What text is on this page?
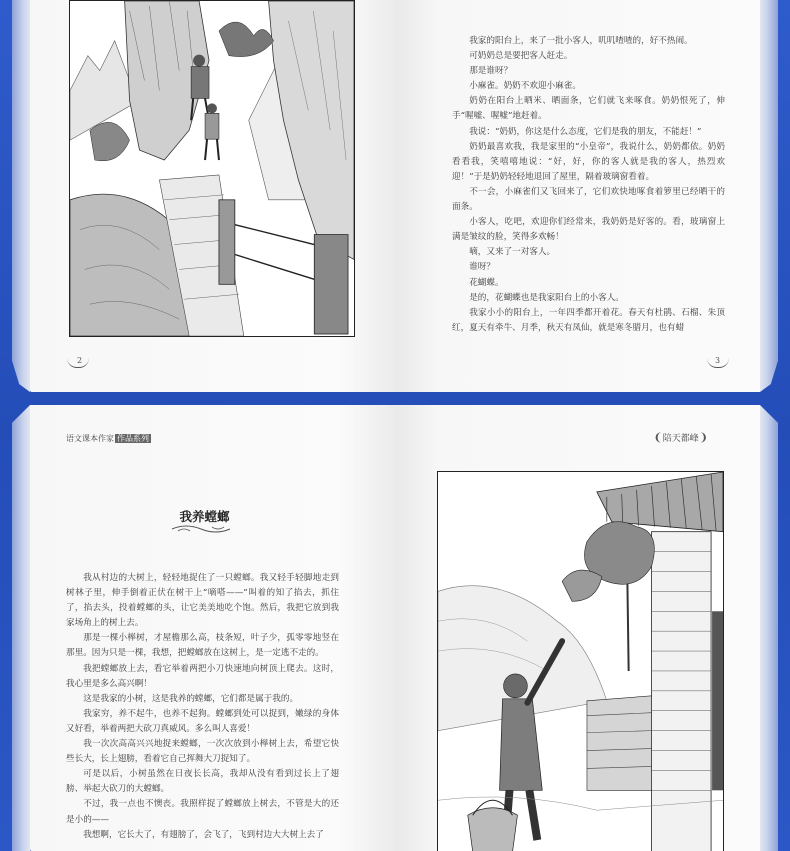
2

我家的阳台上，来了一批小客人，叽叽喳喳的，好不热闹。

可奶奶总是要把客人赶走。

那是谁呀？

小麻雀。奶奶不欢迎小麻雀。

奶奶在阳台上晒米、晒面条，它们就飞来啄食。奶奶恨死了，伸手“喔嘘、喔嘘”地赶着。

我说：“奶奶，你这是什么态度，它们是我的朋友，不能赶！”

奶奶最喜欢我，我是家里的“小皇帝”，我说什么，奶奶都依。奶奶看看我，笑嘻嘻地说：“好，好，你的客人就是我的客人，热烈欢迎！”于是奶奶轻轻地退回了屋里，隔着玻璃窗看着。

不一会，小麻雀们又飞回来了，它们欢快地啄食着箩里已经晒干的面条。

小客人，吃吧，欢迎你们经常来，我奶奶是好客的。看，玻璃窗上满是皱纹的脸，笑得多欢畅！

嘀，又来了一对客人。

谁呀？

花蝴蝶。

是的，花蝴蝶也是我家阳台上的小客人。

我家小小的阳台上，一年四季都开着花。春天有杜鹃、石榴、朱顶红，夏天有牵牛、月季，秋天有凤仙，就是寒冬腊月，也有蜡

3
语文课本作家 作品系列
我养螳螂

我从村边的大树上，轻轻地捉住了一只螳螂。我又轻手轻脚地走到树林子里，伸手倒着正伏在树干上“嘀嗒——”叫着的知了掐去，抓住了，掐去头，投着螳螂的头，让它美美地吃个饱。然后，我把它放到我家场角上的树上去。

那是一棵小榉树，才屋檐那么高，枝条短，叶子少，孤零零地竖在那里。因为只是一棵，我想，把螳螂放在这树上，是一定逃不走的。

我把螳螂放上去，看它举着两把小刀快速地向树顶上爬去。这时，我心里是多么高兴啊！

这是我家的小树，这是我养的螳螂，它们都是属于我的。

我家穷，养不起牛，也养不起狗。螳螂到处可以捉到，嫩绿的身体又好看，举着两把大砍刀真威风。多么叫人喜爱！

我一次次高高兴兴地捉来螳螂，一次次放到小榉树上去，希望它快些长大，长上翅膀，看着它自己挥舞大刀捉知了。

可是以后，小树虽然在日夜长长高，我却从没有看到过长上了翅膀、举起大砍刀的大螳螂。

不过，我一点也不懊丧。我照样捉了螳螂放上树去，不管是大的还是小的——

我想啊，它长大了，有翅膀了，会飞了，飞到村边大大树上去了

❨陪天都峰❩
